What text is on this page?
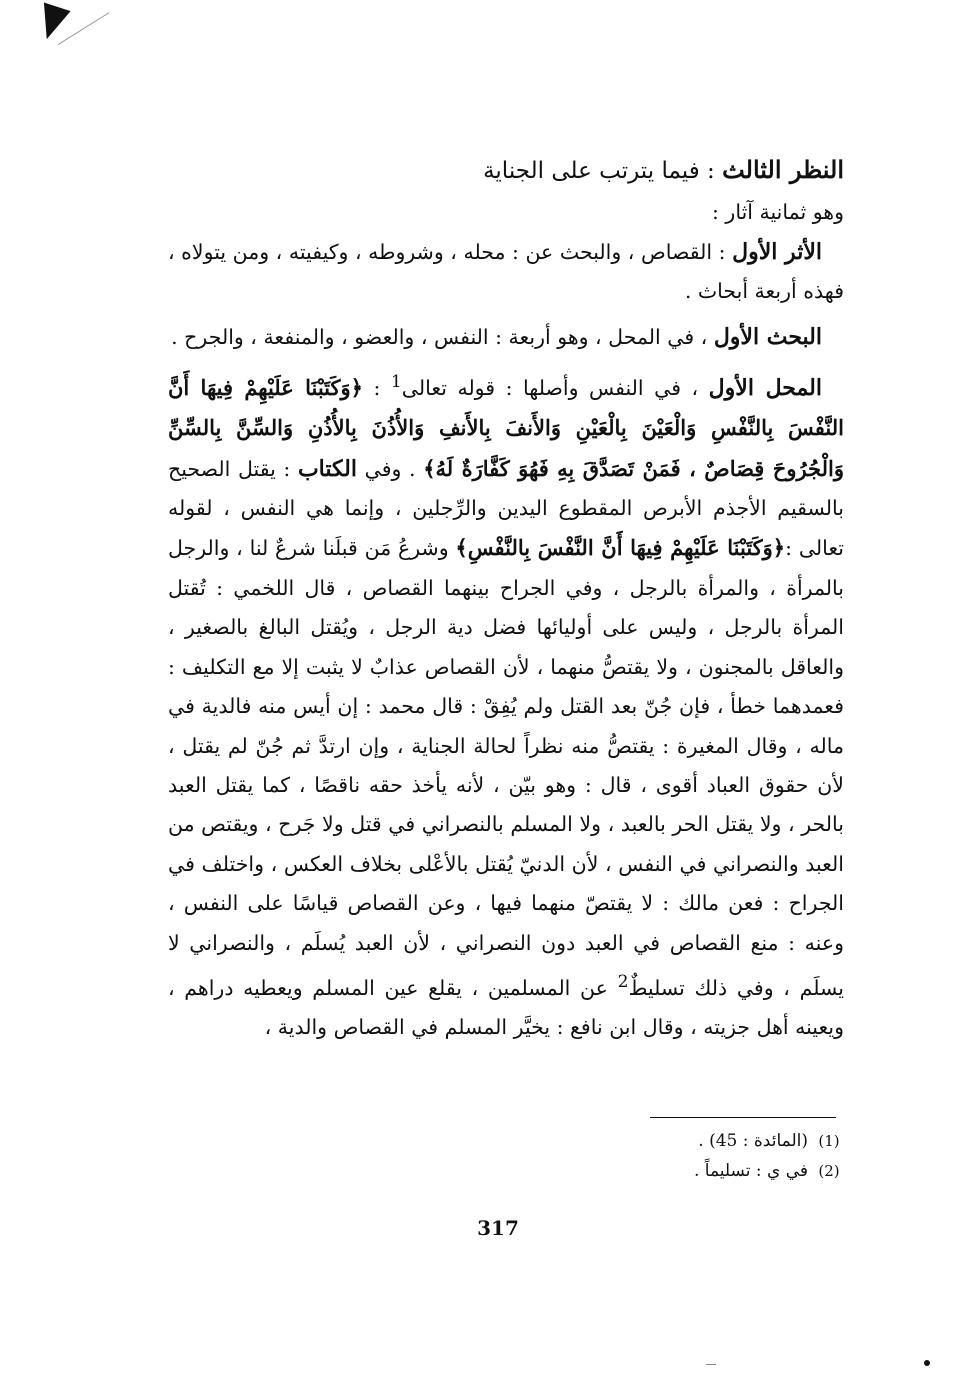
النظر الثالث : فيما يترتب على الجناية

وهو ثمانية آثار :

الأثر الأول : القصاص ، والبحث عن : محله ، وشروطه ، وكيفيته ، ومن يتولاه ، فهذه أربعة أبحاث .

البحث الأول ، في المحل ، وهو أربعة : النفس ، والعضو ، والمنفعة ، والجرح .

المحل الأول ، في النفس وأصلها : قوله تعالى$^1$ : ﴿وَكَتَبْنَا عَلَيْهِمْ فِيهَا أَنَّ النَّفْسَ بِالنَّفْسِ وَالْعَيْنَ بِالْعَيْنِ وَالأَنفَ بِالأَنفِ وَالأُذُنَ بِالأُذُنِ وَالسِّنَّ بِالسِّنِّ وَالْجُرُوحَ قِصَاصٌ ، فَمَنْ تَصَدَّقَ بِهِ فَهُوَ كَفَّارَةٌ لَهُ﴾ . وفي الكتاب : يقتل الصحيح بالسقيم الأجذم الأبرص المقطوع اليدين والرِّجلين ، وإنما هي النفس ، لقوله تعالى :﴿وَكَتَبْنَا عَلَيْهِمْ فِيهَا أَنَّ النَّفْسَ بِالنَّفْسِ﴾ وشرعُ مَن قبلَنا شرعٌ لنا ، والرجل بالمرأة ، والمرأة بالرجل ، وفي الجراح بينهما القصاص ، قال اللخمي : تُقتل المرأة بالرجل ، وليس على أوليائها فضل دية الرجل ، ويُقتل البالغ بالصغير ، والعاقل بالمجنون ، ولا يقتصُّ منهما ، لأن القصاص عذابٌ لا يثبت إلا مع التكليف : فعمدهما خطأ ، فإن جُنّ بعد القتل ولم يُفِقْ : قال محمد : إن أيس منه فالدية في ماله ، وقال المغيرة : يقتصُّ منه نظراً لحالة الجناية ، وإن ارتدَّ ثم جُنّ لم يقتل ، لأن حقوق العباد أقوى ، قال : وهو بيّن ، لأنه يأخذ حقه ناقصًا ، كما يقتل العبد بالحر ، ولا يقتل الحر بالعبد ، ولا المسلم بالنصراني في قتل ولا جَرح ، ويقتص من العبد والنصراني في النفس ، لأن الدنيّ يُقتل بالأعْلى بخلاف العكس ، واختلف في الجراح : فعن مالك : لا يقتصّ منهما فيها ، وعن القصاص قياسًا على النفس ، وعنه : منع القصاص في العبد دون النصراني ، لأن العبد يُسلَم ، والنصراني لا يسلَم ، وفي ذلك تسليطٌ$^2$ عن المسلمين ، يقلع عين المسلم ويعطيه دراهم ، ويعينه أهل جزيته ، وقال ابن نافع : يخيَّر المسلم في القصاص والدية ،

(1)
(المائدة : 45) .
(2)
في ي : تسليماً .
317
